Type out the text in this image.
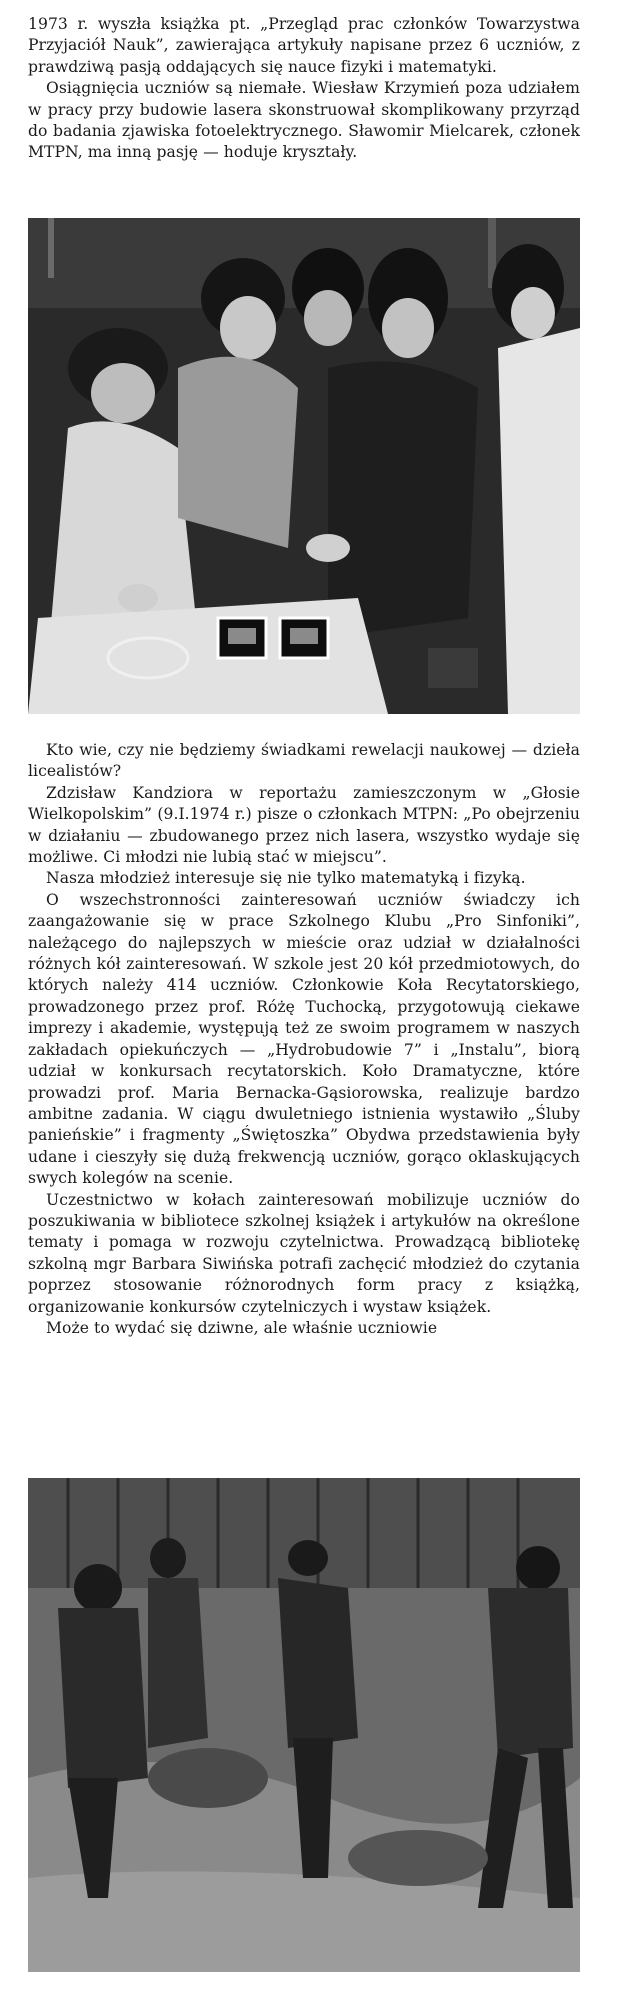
1973 r. wyszła książka pt. „Przegląd prac członków Towarzystwa Przyjaciół Nauk”, zawierająca artykuły napisane przez 6 uczniów, z prawdziwą pasją oddających się nauce fizyki i matematyki.

Osiągnięcia uczniów są niemałe. Wiesław Krzymień poza udziałem w pracy przy budowie lasera skonstruował skomplikowany przyrząd do badania zjawiska fotoelektrycznego. Sławomir Mielcarek, członek MTPN, ma inną pasję — hoduje kryształy.

Kto wie, czy nie będziemy świadkami rewelacji naukowej — dzieła licealistów?

Zdzisław Kandziora w reportażu zamieszczonym w „Głosie Wielkopolskim” (9.I.1974 r.) pisze o członkach MTPN: „Po obejrzeniu w działaniu — zbudowanego przez nich lasera, wszystko wydaje się możliwe. Ci młodzi nie lubią stać w miejscu”.

Nasza młodzież interesuje się nie tylko matematyką i fizyką.

O wszechstronności zainteresowań uczniów świadczy ich zaangażowanie się w prace Szkolnego Klubu „Pro Sinfoniki”, należącego do najlepszych w mieście oraz udział w działalności różnych kół zainteresowań. W szkole jest 20 kół przedmiotowych, do których należy 414 uczniów. Członkowie Koła Recytatorskiego, prowadzonego przez prof. Różę Tuchocką, przygotowują ciekawe imprezy i akademie, występują też ze swoim programem w naszych zakładach opiekuńczych — „Hydrobudowie 7” i „Instalu”, biorą udział w konkursach recytatorskich. Koło Dramatyczne, które prowadzi prof. Maria Bernacka-Gąsiorowska, realizuje bardzo ambitne zadania. W ciągu dwuletniego istnienia wystawiło „Śluby panieńskie” i fragmenty „Świętoszka” Obydwa przedstawienia były udane i cieszyły się dużą frekwencją uczniów, gorąco oklaskujących swych kolegów na scenie.

Uczestnictwo w kołach zainteresowań mobilizuje uczniów do poszukiwania w bibliotece szkolnej książek i artykułów na określone tematy i pomaga w rozwoju czytelnictwa. Prowadzącą bibliotekę szkolną mgr Barbara Siwińska potrafi zachęcić młodzież do czytania poprzez stosowanie różnorodnych form pracy z książką, organizowanie konkursów czytelniczych i wystaw książek.

Może to wydać się dziwne, ale właśnie uczniowie
